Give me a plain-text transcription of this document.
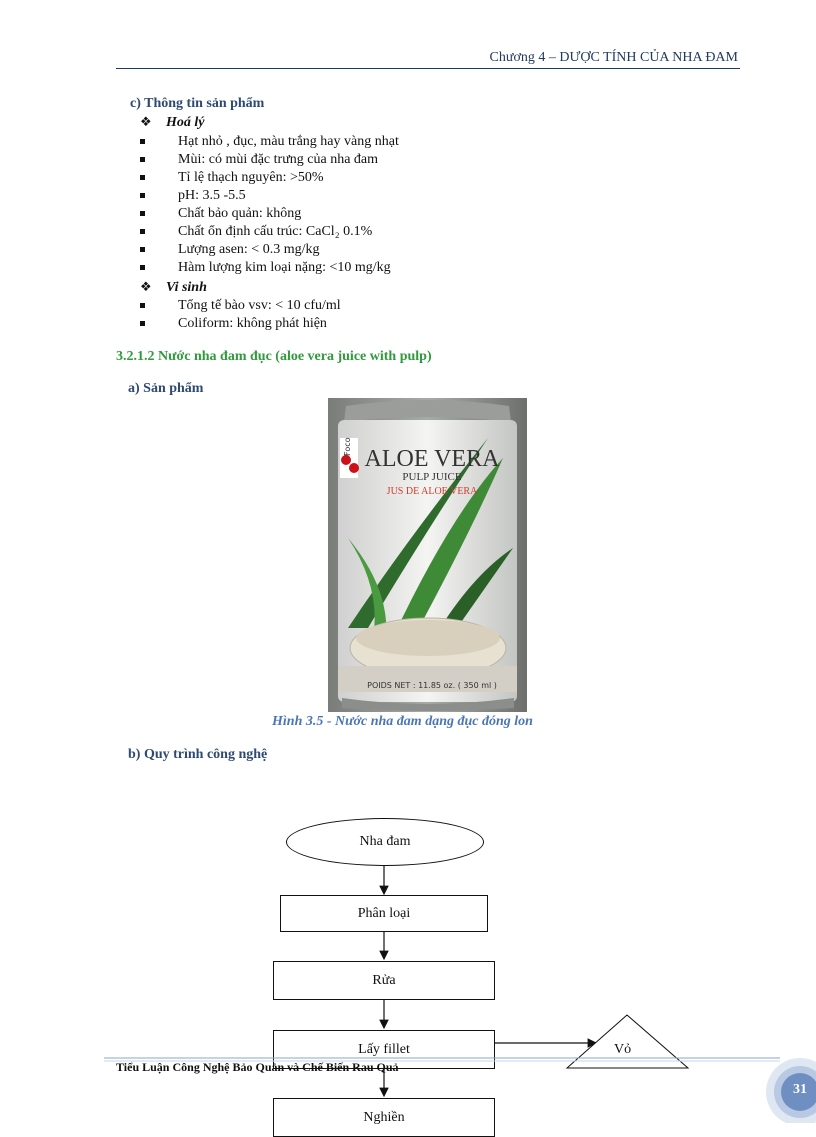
Chương 4 – DƯỢC TÍNH CỦA NHA ĐAM
c) Thông tin sản phẩm
❖ Hoá lý
Hạt nhỏ , đục, màu trắng hay vàng nhạt
Mùi: có mùi đặc trưng của nha đam
Tỉ lệ thạch nguyên: >50%
pH: 3.5 -5.5
Chất bảo quản: không
Chất ổn định cấu trúc: CaCl₂ 0.1%
Lượng asen: < 0.3 mg/kg
Hàm lượng kim loại nặng: <10 mg/kg
❖ Vi sinh
Tổng tế bào vsv: < 10 cfu/ml
Coliform: không phát hiện
3.2.1.2 Nước nha đam đục (aloe vera juice with pulp)
a) Sản phẩm
Foco ALOE VERA
PULP JUICE
JUS DE ALOE VERA
POIDS NET : 11.85 oz. ( 350 ml )
Hình 3.5 - Nước nha đam dạng đục đóng lon
b) Quy trình công nghệ
Nha đam
Phân loại
Rửa
Lấy fillet	Vỏ
Nghiền
Tiểu Luận Công Nghệ Bảo Quản và Chế Biến Rau Quả
31
